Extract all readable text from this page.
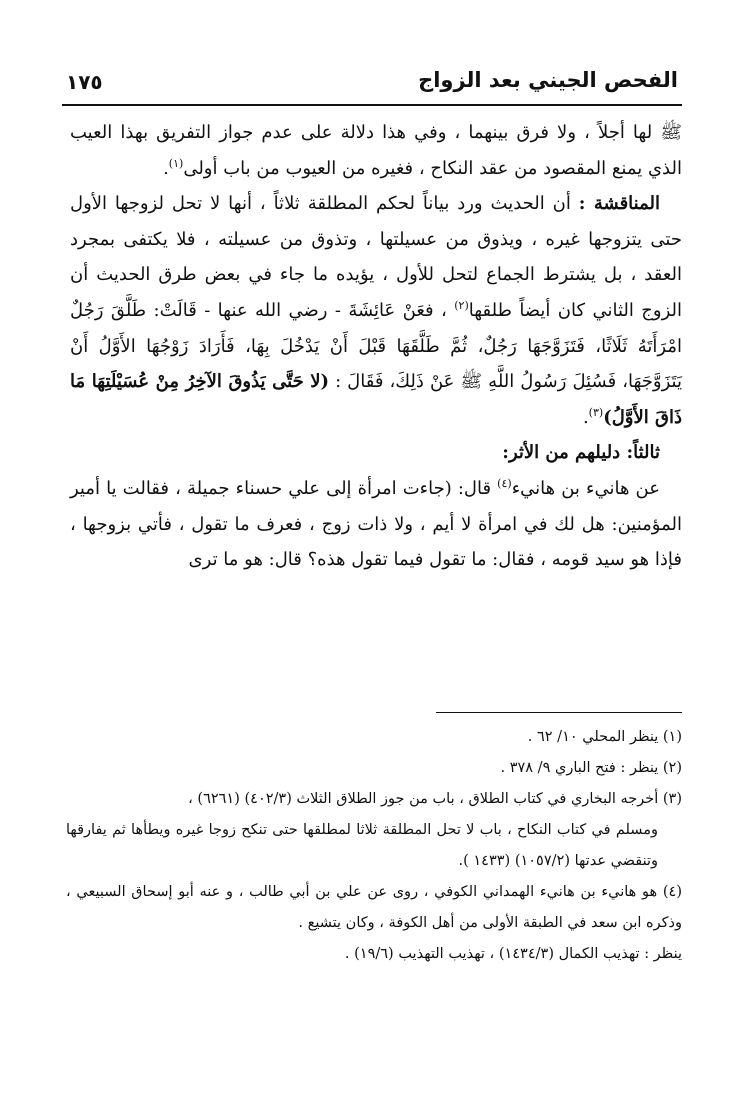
الفحص الجيني بعد الزواج
١٧٥

ﷺ لها أجلاً ، ولا فرق بينهما ، وفي هذا دلالة على عدم جواز التفريق بهذا العيب الذي يمنع المقصود من عقد النكاح ، فغيره من العيوب من باب أولى$^{(١)}$.

المناقشة : أن الحديث ورد بياناً لحكم المطلقة ثلاثاً ، أنها لا تحل لزوجها الأول حتى يتزوجها غيره ، ويذوق من عسيلتها ، وتذوق من عسيلته ، فلا يكتفى بمجرد العقد ، بل يشترط الجماع لتحل للأول ، يؤيده ما جاء في بعض طرق الحديث أن الزوج الثاني كان أيضاً طلقها$^{(٢)}$ ، فعَنْ عَائِشَةَ - رضي الله عنها - قَالَتْ: طَلَّقَ رَجُلٌ امْرَأَتَهُ ثَلَاثًا، فَتَزَوَّجَهَا رَجُلٌ، ثُمَّ طَلَّقَهَا قَبْلَ أَنْ يَدْخُلَ بِهَا، فَأَرَادَ زَوْجُهَا الأَوَّلُ أَنْ يَتَزَوَّجَهَا، فَسُئِلَ رَسُولُ اللَّهِ ﷺ عَنْ ذَلِكَ، فَقَالَ : (لا حَتَّى يَذُوقَ الآخِرُ مِنْ عُسَيْلَتِهَا مَا ذَاقَ الأَوَّلُ)$^{(٣)}$.

ثالثاً: دليلهم من الأثر:

عن هانيء بن هانيء$^{(٤)}$ قال: (جاءت امرأة إلى علي حسناء جميلة ، فقالت يا أمير المؤمنين: هل لك في امرأة لا أيم ، ولا ذات زوج ، فعرف ما تقول ، فأتي بزوجها ، فإذا هو سيد قومه ، فقال: ما تقول فيما تقول هذه؟ قال: هو ما ترى

(١) ينظر المحلي ١٠/ ٦٢ .

(٢) ينظر : فتح الباري ٩/ ٣٧٨ .

(٣) أخرجه البخاري في كتاب الطلاق ، باب من جوز الطلاق الثلاث (٤٠٢/٣) (٦٢٦١) ،

ومسلم في كتاب النكاح ، باب لا تحل المطلقة ثلاثا لمطلقها حتى تنكح زوجا غيره ويطأها ثم يفارقها وتنقضي عدتها (١٠٥٧/٢) (١٤٣٣ ).

(٤) هو هانيء بن هانيء الهمداني الكوفي ، روى عن علي بن أبي طالب ، و عنه أبو إسحاق السبيعي ، وذكره ابن سعد في الطبقة الأولى من أهل الكوفة ، وكان يتشيع .

ينظر : تهذيب الكمال (١٤٣٤/٣) ، تهذيب التهذيب (١٩/٦) .
